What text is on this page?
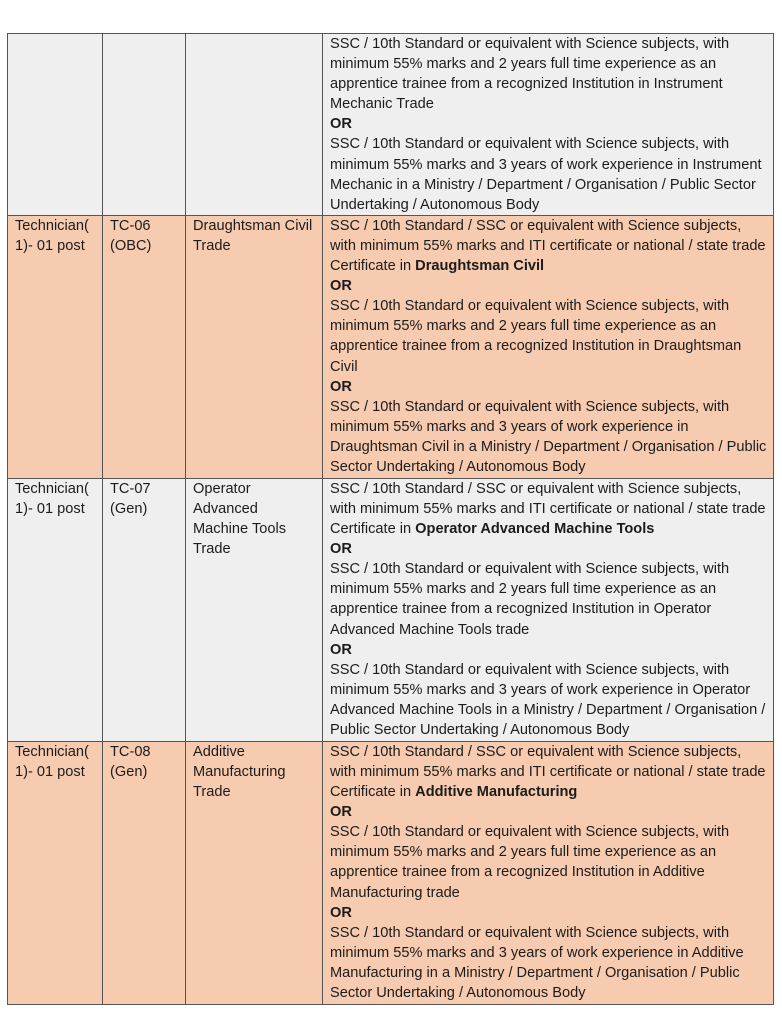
			SSC / 10th Standard or equivalent with Science subjects, with minimum 55% marks and 2 years full time experience as an apprentice trainee from a recognized Institution in Instrument Mechanic Trade
OR
SSC / 10th Standard or equivalent with Science subjects, with minimum 55% marks and 3 years of work experience in Instrument Mechanic in a Ministry / Department / Organisation / Public Sector Undertaking / Autonomous Body

Technician( 1)- 01 post	TC-06 (OBC)	Draughtsman Civil Trade	SSC / 10th Standard / SSC or equivalent with Science subjects, with minimum 55% marks and ITI certificate or national / state trade Certificate in Draughtsman Civil
OR
SSC / 10th Standard or equivalent with Science subjects, with minimum 55% marks and 2 years full time experience as an apprentice trainee from a recognized Institution in Draughtsman Civil
OR
SSC / 10th Standard or equivalent with Science subjects, with minimum 55% marks and 3 years of work experience in Draughtsman Civil in a Ministry / Department / Organisation / Public Sector Undertaking / Autonomous Body

Technician( 1)- 01 post	TC-07 (Gen)	Operator Advanced Machine Tools Trade	SSC / 10th Standard / SSC or equivalent with Science subjects, with minimum 55% marks and ITI certificate or national / state trade Certificate in Operator Advanced Machine Tools
OR
SSC / 10th Standard or equivalent with Science subjects, with minimum 55% marks and 2 years full time experience as an apprentice trainee from a recognized Institution in Operator Advanced Machine Tools trade
OR
SSC / 10th Standard or equivalent with Science subjects, with minimum 55% marks and 3 years of work experience in Operator Advanced Machine Tools in a Ministry / Department / Organisation / Public Sector Undertaking / Autonomous Body

Technician( 1)- 01 post	TC-08 (Gen)	Additive Manufacturing Trade	SSC / 10th Standard / SSC or equivalent with Science subjects, with minimum 55% marks and ITI certificate or national / state trade Certificate in Additive Manufacturing
OR
SSC / 10th Standard or equivalent with Science subjects, with minimum 55% marks and 2 years full time experience as an apprentice trainee from a recognized Institution in Additive Manufacturing trade
OR
SSC / 10th Standard or equivalent with Science subjects, with minimum 55% marks and 3 years of work experience in Additive Manufacturing in a Ministry / Department / Organisation / Public Sector Undertaking / Autonomous Body
